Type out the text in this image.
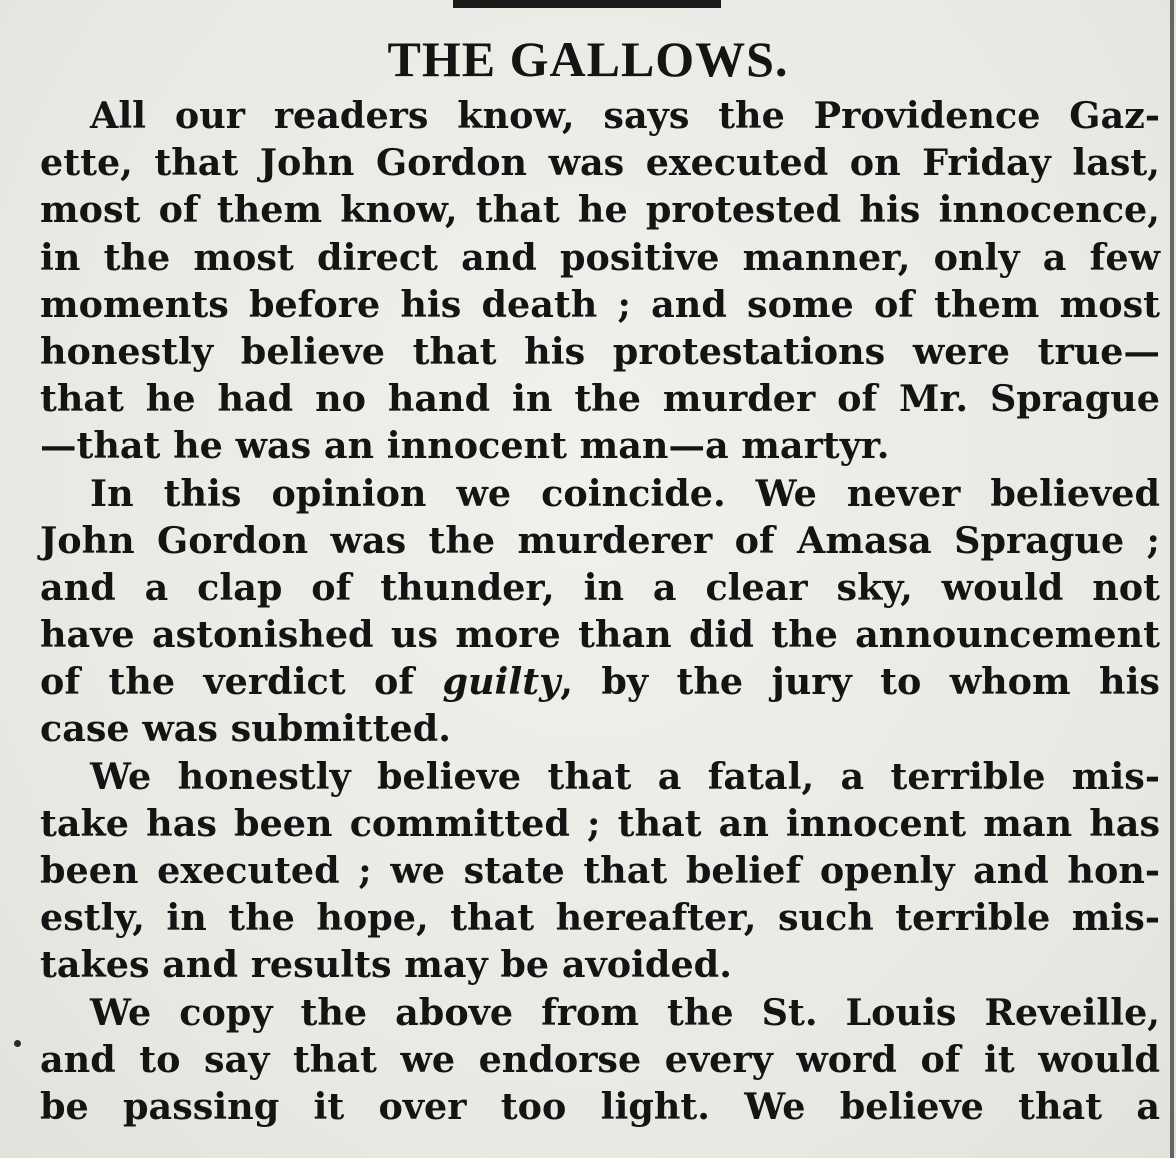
THE GALLOWS.
All our readers know, says the Providence Gaz-
ette, that John Gordon was executed on Friday last,
most of them know, that he protested his innocence,
in the most direct and positive manner, only a few
moments before his death ; and some of them most
honestly believe that his protestations were true—
that he had no hand in the murder of Mr. Sprague
—that he was an innocent man—a martyr.
In this opinion we coincide. We never believed
John Gordon was the murderer of Amasa Sprague ;
and a clap of thunder, in a clear sky, would not
have astonished us more than did the announcement
of the verdict of guilty, by the jury to whom his
case was submitted.
We honestly believe that a fatal, a terrible mis-
take has been committed ; that an innocent man has
been executed ; we state that belief openly and hon-
estly, in the hope, that hereafter, such terrible mis-
takes and results may be avoided.
We copy the above from the St. Louis Reveille,
and to say that we endorse every word of it would
be passing it over too light. We believe that a
